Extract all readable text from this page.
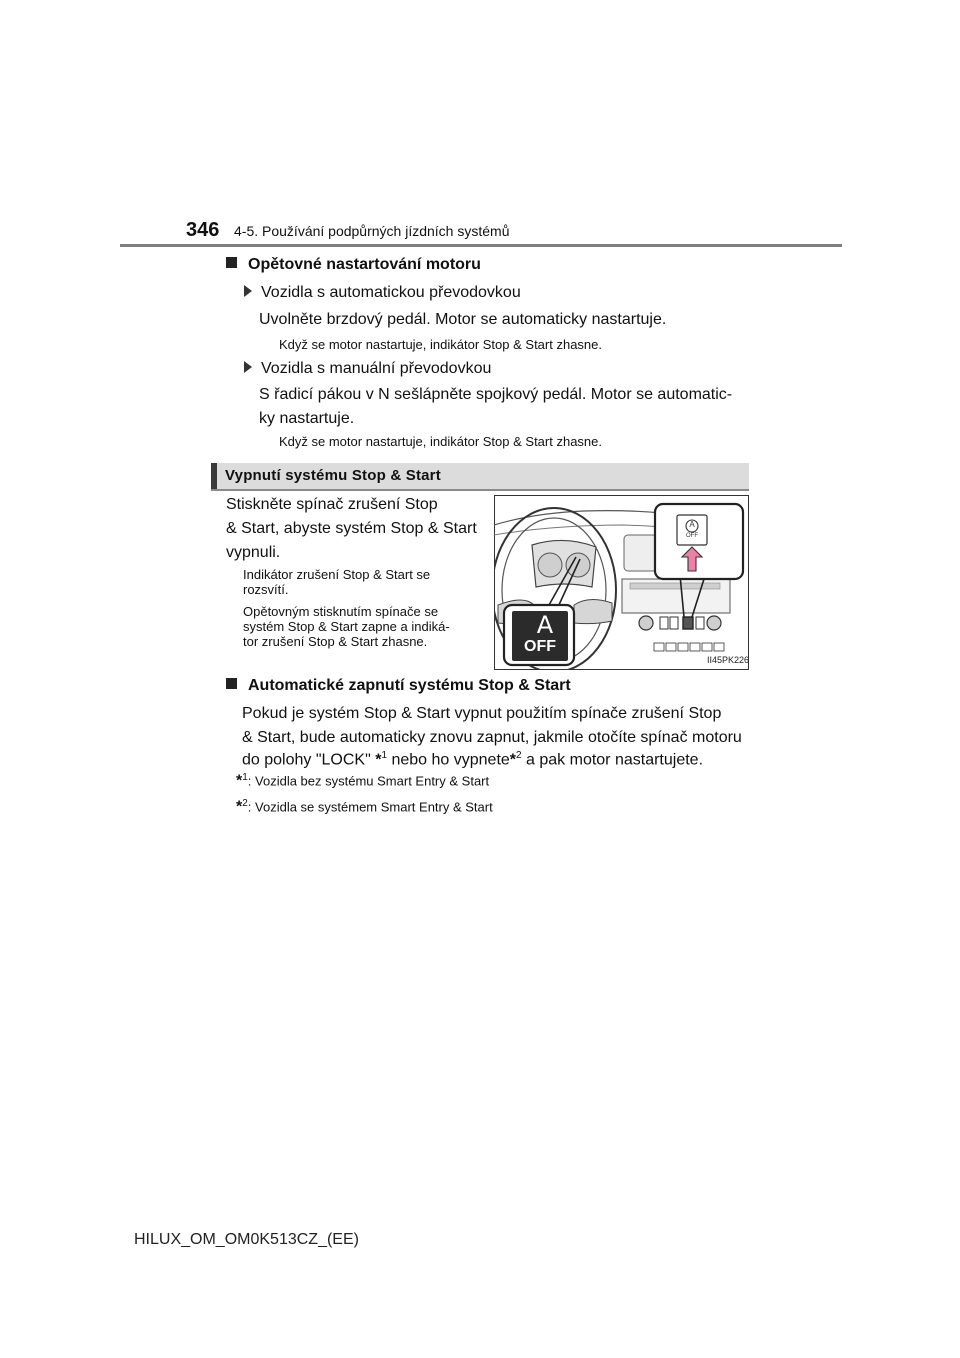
346 4-5. Používání podpůrných jízdních systémů
Opětovné nastartování motoru
Vozidla s automatickou převodovkou
Uvolněte brzdový pedál. Motor se automaticky nastartuje.
Když se motor nastartuje, indikátor Stop & Start zhasne.
Vozidla s manuální převodovkou
S řadicí pákou v N sešlápněte spojkový pedál. Motor se automatic-
ky nastartuje.
Když se motor nastartuje, indikátor Stop & Start zhasne.
Vypnutí systému Stop & Start
Stiskněte spínač zrušení Stop
& Start, abyste systém Stop & Start
vypnuli.
Indikátor zrušení Stop & Start se
rozsvítí.
Opětovným stisknutím spínače se
systém Stop & Start zapne a indiká-
tor zrušení Stop & Start zhasne.
A
OFF
A
OFF
II45PK226
Automatické zapnutí systému Stop & Start
Pokud je systém Stop & Start vypnut použitím spínače zrušení Stop
& Start, bude automaticky znovu zapnut, jakmile otočíte spínač motoru
do polohy "LOCK" *$^1$ nebo ho vypnete*$^2$ a pak motor nastartujete.
*$^1$: Vozidla bez systému Smart Entry & Start
*$^2$: Vozidla se systémem Smart Entry & Start
HILUX_OM_OM0K513CZ_(EE)
